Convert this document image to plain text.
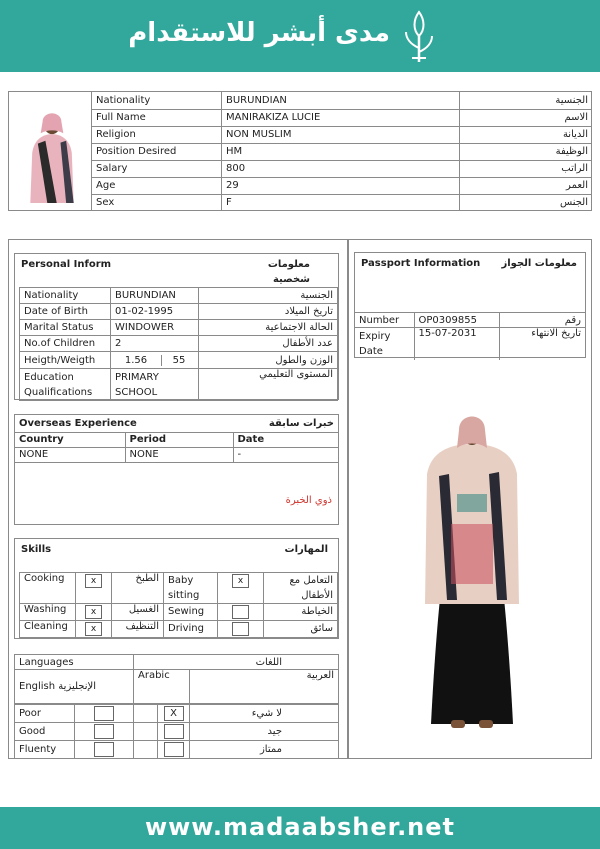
مدى أبشر للاستقدام
Nationality	BURUNDIAN	الجنسية
Full Name	MANIRAKIZA LUCIE	الاسم
Religion	NON MUSLIM	الديانة
Position Desired	HM	الوظيفة
Salary	800	الراتب
Age	29	العمر
Sex	F	الجنس
Personal Inform	معلومات شخصية
Nationality	BURUNDIAN	الجنسية
Date of Birth	01-02-1995	تاريخ الميلاد
Marital Status	WINDOWER	الحالة الاجتماعية
No.of Children	2	عدد الأطفال
Heigth/Weigth	1.56 55	الوزن والطول
Education Qualifications	PRIMARY SCHOOL	المستوى التعليمي
Overseas Experience		خبرات سابقة
Country	Period	Date
NONE	NONE	-
ذوي الخبرة
Skills	المهارات
Cooking	x	الطبخ	Baby sitting	x	التعامل مع الأطفال
Washing	x	الغسيل	Sewing		الخياطة
Cleaning	x	التنظيف	Driving		سائق
Languages	اللغات	
English الإنجليزية	Arabic	العربية
Poor			X	لا شيء
Good				جيد
Fluenty				ممتاز
Passport Information	معلومات الجواز
Number	OP0309855	رقم
Expiry Date	15-07-2031	تاريخ الانتهاء
www.madaabsher.net
